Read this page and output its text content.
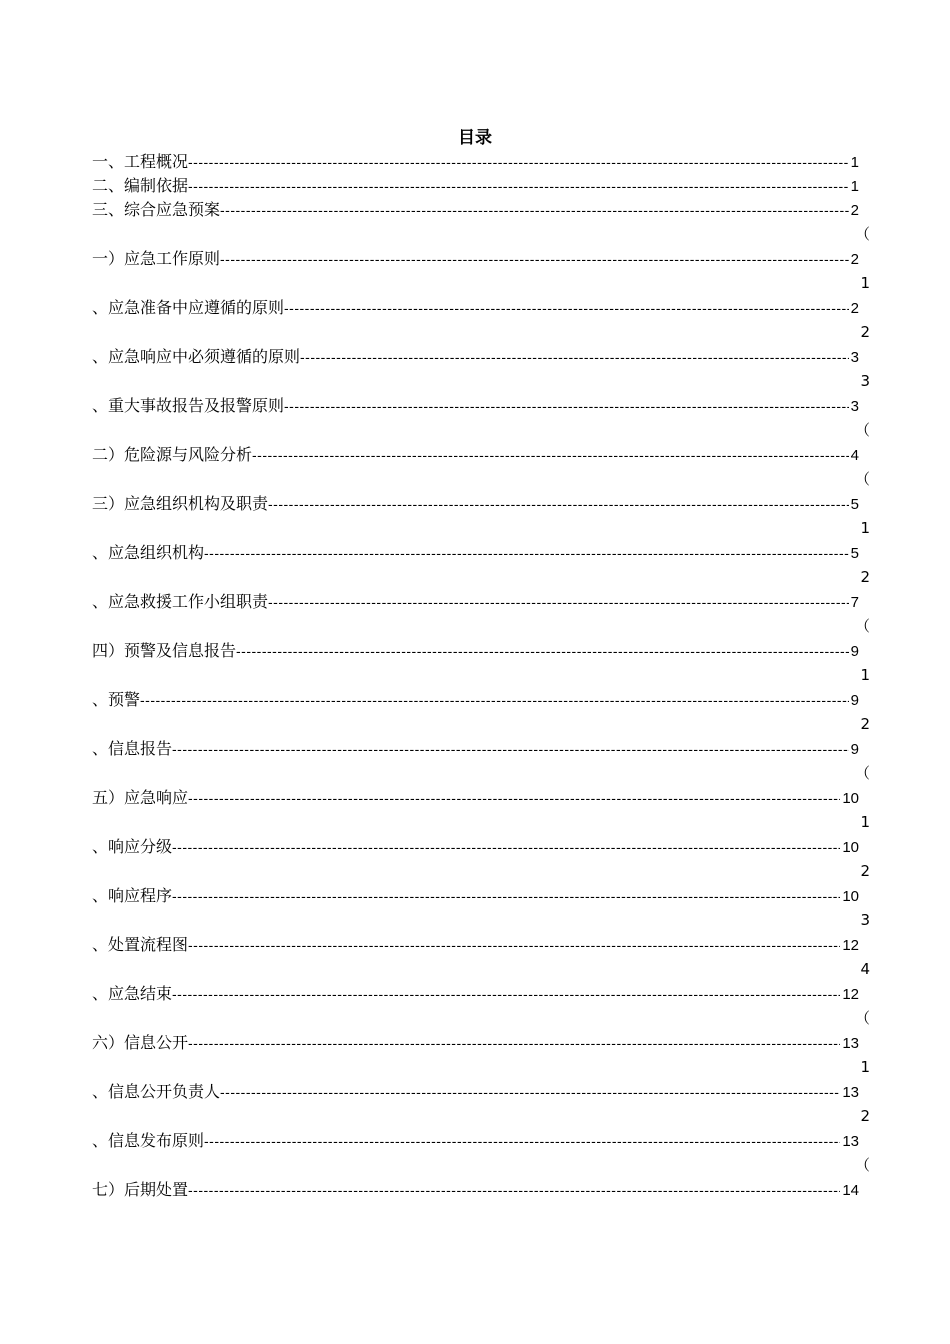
目录
一、工程概况 -----	1
二、编制依据 -----	1
三、综合应急预案 -----	2
（
一）应急工作原则 -----	2
1
、应急准备中应遵循的原则 -----	2
2
、应急响应中必须遵循的原则 -----	3
3
、重大事故报告及报警原则 -----	3
（
二）危险源与风险分析 -----	4
（
三）应急组织机构及职责 -----	5
1
、应急组织机构 -----	5
2
、应急救援工作小组职责 -----	7
（
四）预警及信息报告 -----	9
1
、预警 -----	9
2
、信息报告 -----	9
（
五）应急响应 -----	10
1
、响应分级 -----	10
2
、响应程序 -----	10
3
、处置流程图 -----	12
4
、应急结束 -----	12
（
六）信息公开 -----	13
1
、信息公开负责人 -----	13
2
、信息发布原则 -----	13
（
七）后期处置 -----	14
